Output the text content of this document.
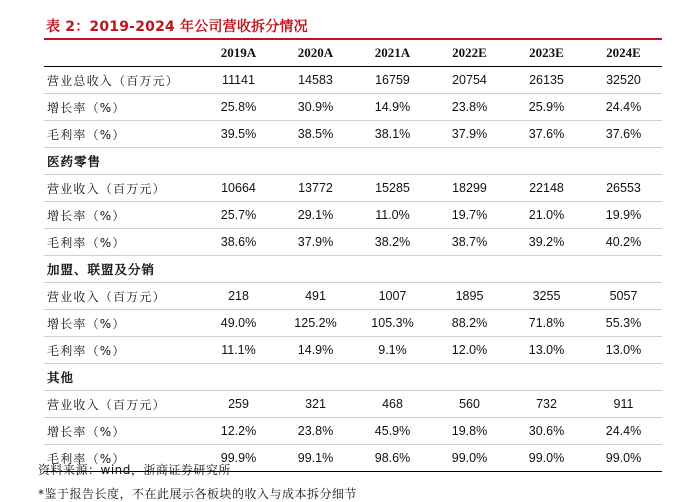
表 2：2019-2024 年公司营收拆分情况
	2019A	2020A	2021A	2022E	2023E	2024E
营业总收入（百万元）	11141	14583	16759	20754	26135	32520
增长率（%）	25.8%	30.9%	14.9%	23.8%	25.9%	24.4%
毛利率（%）	39.5%	38.5%	38.1%	37.9%	37.6%	37.6%
医药零售						
营业收入（百万元）	10664	13772	15285	18299	22148	26553
增长率（%）	25.7%	29.1%	11.0%	19.7%	21.0%	19.9%
毛利率（%）	38.6%	37.9%	38.2%	38.7%	39.2%	40.2%
加盟、联盟及分销						
营业收入（百万元）	218	491	1007	1895	3255	5057
增长率（%）	49.0%	125.2%	105.3%	88.2%	71.8%	55.3%
毛利率（%）	11.1%	14.9%	9.1%	12.0%	13.0%	13.0%
其他						
营业收入（百万元）	259	321	468	560	732	911
增长率（%）	12.2%	23.8%	45.9%	19.8%	30.6%	24.4%
毛利率（%）	99.9%	99.1%	98.6%	99.0%	99.0%	99.0%
资料来源：wind，浙商证券研究所
*鉴于报告长度，不在此展示各板块的收入与成本拆分细节
